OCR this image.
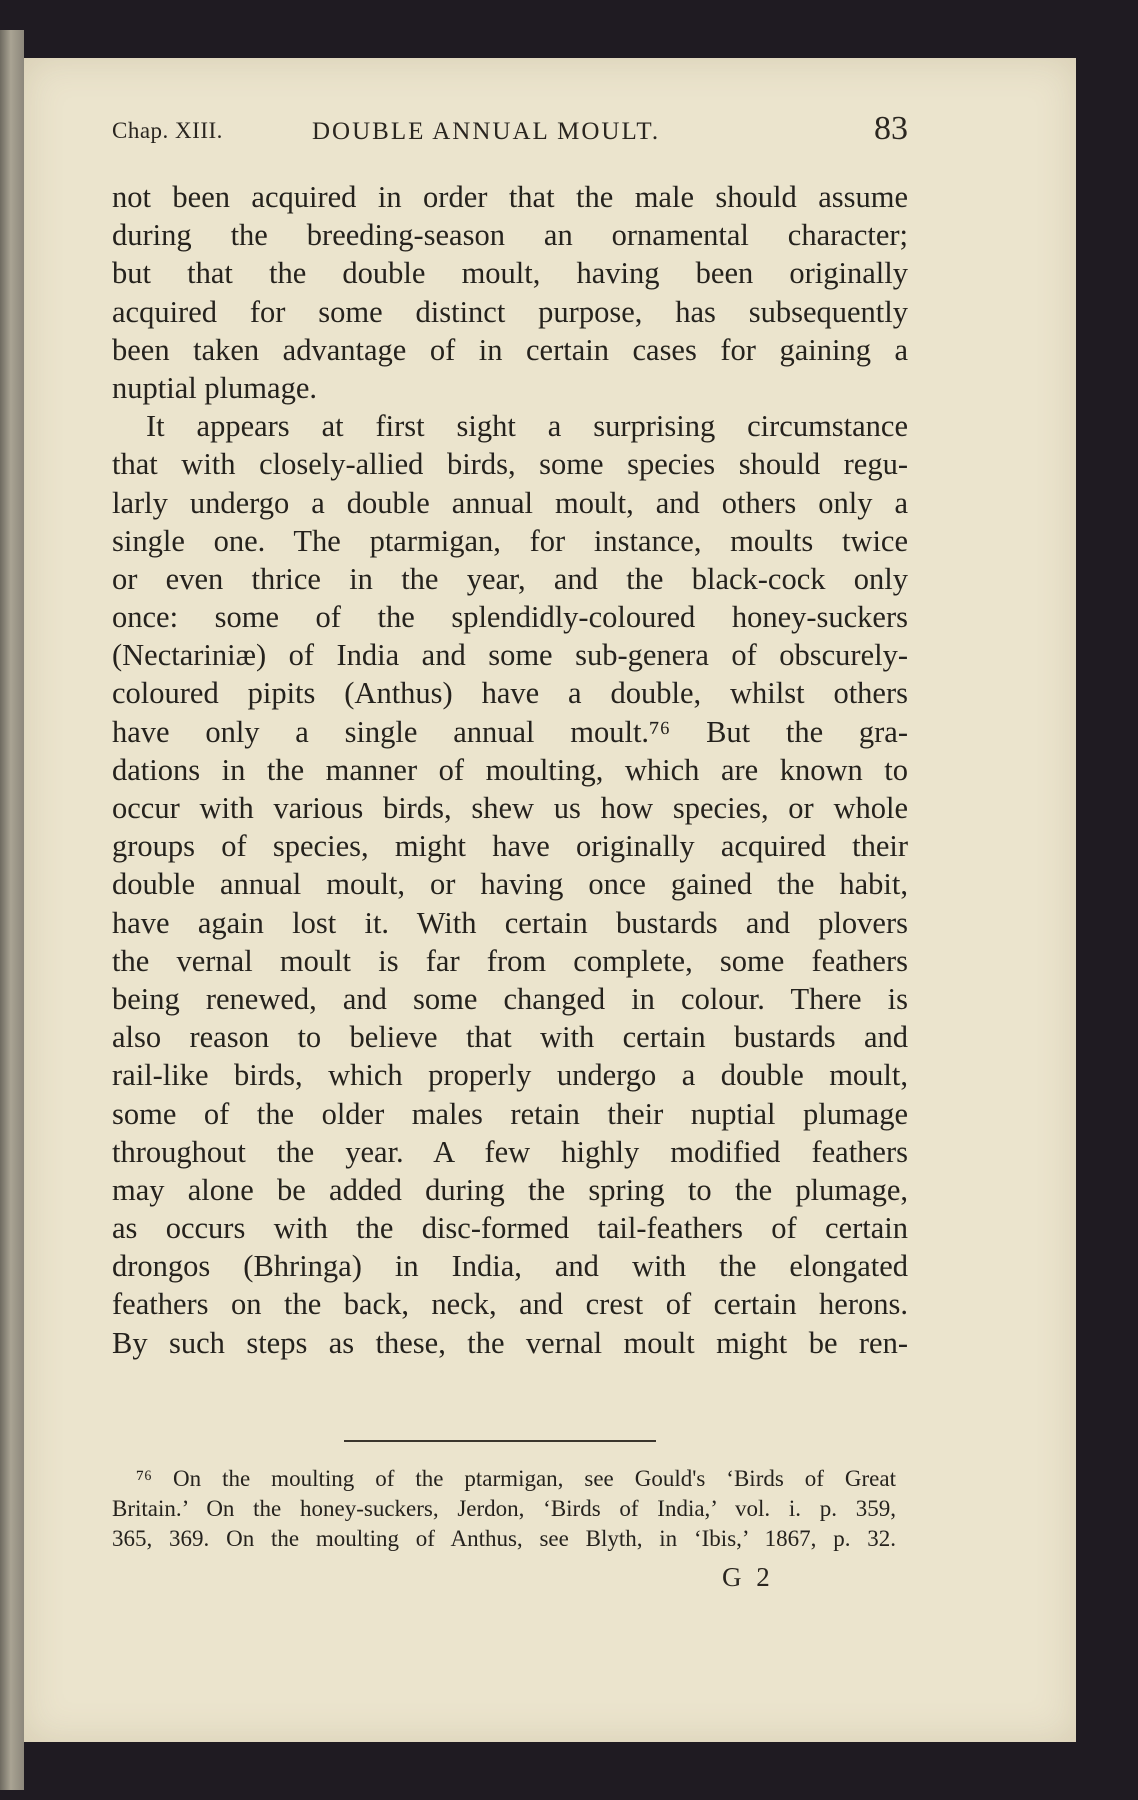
Chap. XIII.	DOUBLE ANNUAL MOULT.	83
not been acquired in order that the male should assume
during the breeding-season an ornamental character;
but that the double moult, having been originally
acquired for some distinct purpose, has subsequently
been taken advantage of in certain cases for gaining a
nuptial plumage.
It appears at first sight a surprising circumstance
that with closely-allied birds, some species should regu-
larly undergo a double annual moult, and others only a
single one. The ptarmigan, for instance, moults twice
or even thrice in the year, and the black-cock only
once: some of the splendidly-coloured honey-suckers
(Nectariniæ) of India and some sub-genera of obscurely-
coloured pipits (Anthus) have a double, whilst others
have only a single annual moult.⁷⁶ But the gra-
dations in the manner of moulting, which are known to
occur with various birds, shew us how species, or whole
groups of species, might have originally acquired their
double annual moult, or having once gained the habit,
have again lost it. With certain bustards and plovers
the vernal moult is far from complete, some feathers
being renewed, and some changed in colour. There is
also reason to believe that with certain bustards and
rail-like birds, which properly undergo a double moult,
some of the older males retain their nuptial plumage
throughout the year. A few highly modified feathers
may alone be added during the spring to the plumage,
as occurs with the disc-formed tail-feathers of certain
drongos (Bhringa) in India, and with the elongated
feathers on the back, neck, and crest of certain herons.
By such steps as these, the vernal moult might be ren-
⁷⁶ On the moulting of the ptarmigan, see Gould's ‘Birds of Great
Britain.’ On the honey-suckers, Jerdon, ‘Birds of India,’ vol. i. p. 359,
365, 369. On the moulting of Anthus, see Blyth, in ‘Ibis,’ 1867, p. 32.
G 2
